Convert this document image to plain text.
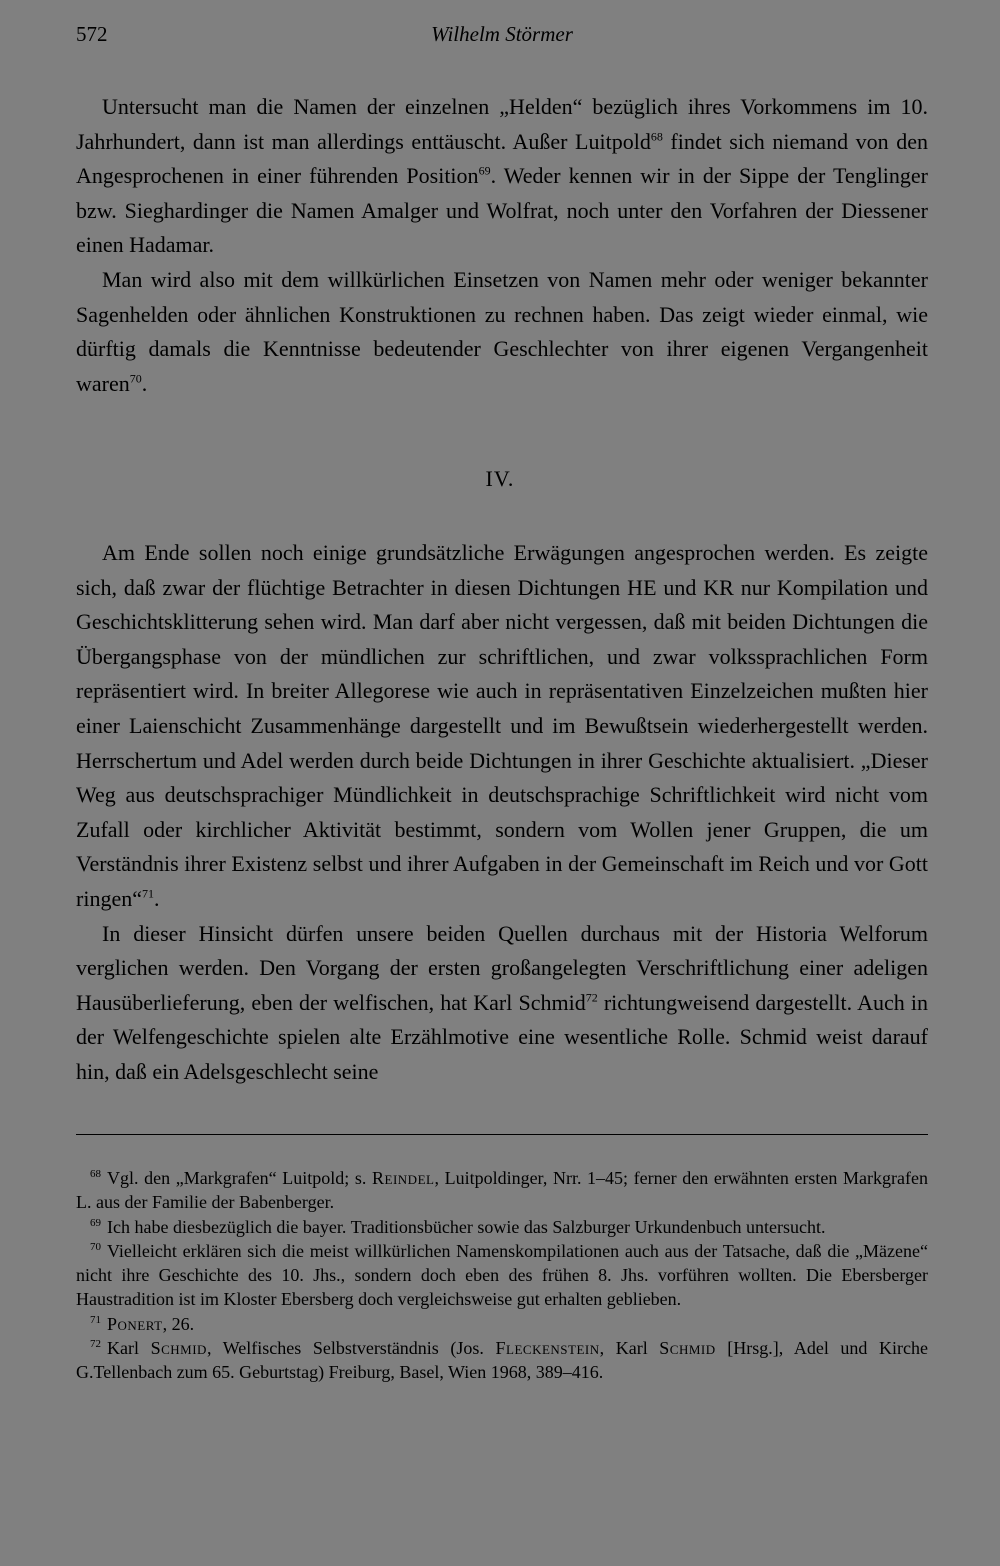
572	Wilhelm Störmer

Untersucht man die Namen der einzelnen „Helden“ bezüglich ihres Vorkommens im 10. Jahrhundert, dann ist man allerdings enttäuscht. Außer Luitpold$^{68}$ findet sich niemand von den Angesprochenen in einer führenden Position$^{69}$. Weder kennen wir in der Sippe der Tenglinger bzw. Sieghardinger die Namen Amalger und Wolfrat, noch unter den Vorfahren der Diessener einen Hadamar.

Man wird also mit dem willkürlichen Einsetzen von Namen mehr oder weniger bekannter Sagenhelden oder ähnlichen Konstruktionen zu rechnen haben. Das zeigt wieder einmal, wie dürftig damals die Kenntnisse bedeutender Geschlechter von ihrer eigenen Vergangenheit waren$^{70}$.

IV.

Am Ende sollen noch einige grundsätzliche Erwägungen angesprochen werden. Es zeigte sich, daß zwar der flüchtige Betrachter in diesen Dichtungen HE und KR nur Kompilation und Geschichtsklitterung sehen wird. Man darf aber nicht vergessen, daß mit beiden Dichtungen die Übergangsphase von der mündlichen zur schriftlichen, und zwar volkssprachlichen Form repräsentiert wird. In breiter Allegorese wie auch in repräsentativen Einzelzeichen mußten hier einer Laienschicht Zusammenhänge dargestellt und im Bewußtsein wiederhergestellt werden. Herrschertum und Adel werden durch beide Dichtungen in ihrer Geschichte aktualisiert. „Dieser Weg aus deutschsprachiger Mündlichkeit in deutschsprachige Schriftlichkeit wird nicht vom Zufall oder kirchlicher Aktivität bestimmt, sondern vom Wollen jener Gruppen, die um Verständnis ihrer Existenz selbst und ihrer Aufgaben in der Gemeinschaft im Reich und vor Gott ringen“$^{71}$.

In dieser Hinsicht dürfen unsere beiden Quellen durchaus mit der Historia Welforum verglichen werden. Den Vorgang der ersten großangelegten Verschriftlichung einer adeligen Hausüberlieferung, eben der welfischen, hat Karl Schmid$^{72}$ richtungweisend dargestellt. Auch in der Welfengeschichte spielen alte Erzählmotive eine wesentliche Rolle. Schmid weist darauf hin, daß ein Adelsgeschlecht seine

$^{68}$ Vgl. den „Markgrafen“ Luitpold; s. Reindel, Luitpoldinger, Nrr. 1–45; ferner den erwähnten ersten Markgrafen L. aus der Familie der Babenberger.

$^{69}$ Ich habe diesbezüglich die bayer. Traditionsbücher sowie das Salzburger Urkundenbuch untersucht.

$^{70}$ Vielleicht erklären sich die meist willkürlichen Namenskompilationen auch aus der Tatsache, daß die „Mäzene“ nicht ihre Geschichte des 10. Jhs., sondern doch eben des frühen 8. Jhs. vorführen wollten. Die Ebersberger Haustradition ist im Kloster Ebersberg doch vergleichsweise gut erhalten geblieben.

$^{71}$ Ponert, 26.

$^{72}$ Karl Schmid, Welfisches Selbstverständnis (Jos. Fleckenstein, Karl Schmid [Hrsg.], Adel und Kirche G.Tellenbach zum 65. Geburtstag) Freiburg, Basel, Wien 1968, 389–416.
